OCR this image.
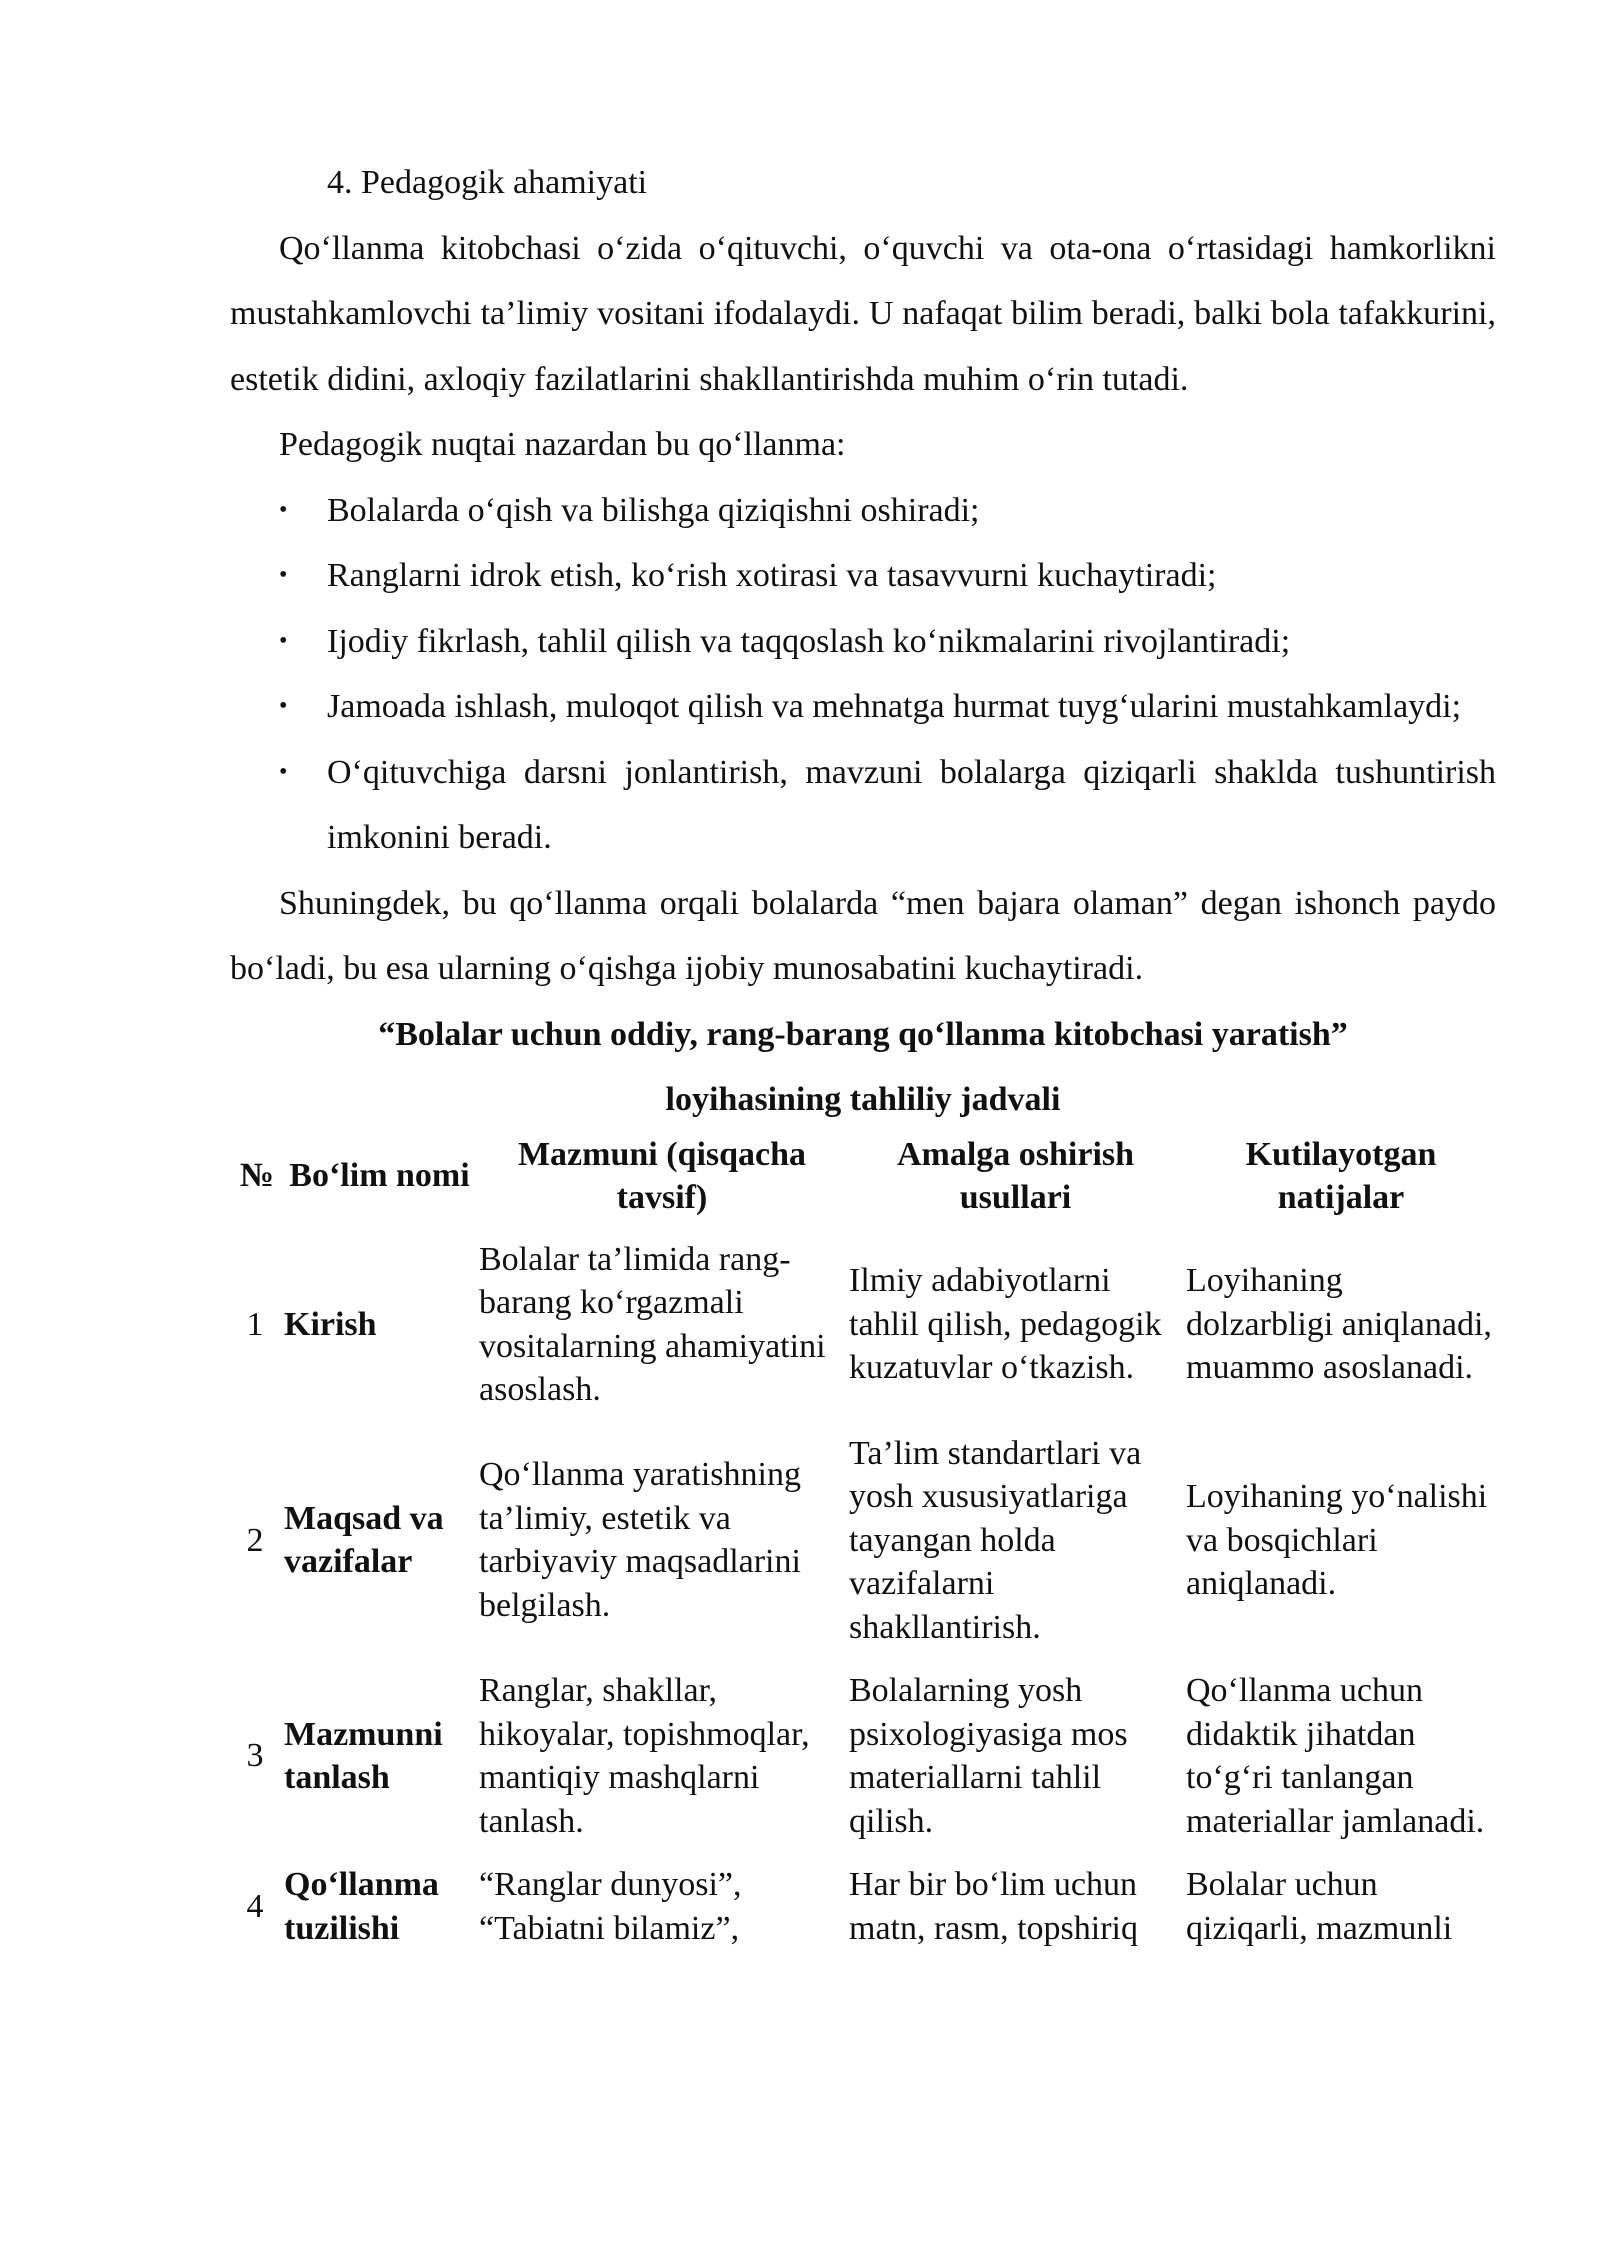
4. Pedagogik ahamiyati

Qo‘llanma kitobchasi o‘zida o‘qituvchi, o‘quvchi va ota-ona o‘rtasidagi hamkorlikni mustahkamlovchi ta’limiy vositani ifodalaydi. U nafaqat bilim beradi, balki bola tafakkurini, estetik didini, axloqiy fazilatlarini shakllantirishda muhim o‘rin tutadi.

Pedagogik nuqtai nazardan bu qo‘llanma:

•	Bolalarda o‘qish va bilishga qiziqishni oshiradi;
•	Ranglarni idrok etish, ko‘rish xotirasi va tasavvurni kuchaytiradi;
•	Ijodiy fikrlash, tahlil qilish va taqqoslash ko‘nikmalarini rivojlantiradi;
•	Jamoada ishlash, muloqot qilish va mehnatga hurmat tuyg‘ularini mustahkamlaydi;
•	O‘qituvchiga darsni jonlantirish, mavzuni bolalarga qiziqarli shaklda tushuntirish imkonini beradi.

Shuningdek, bu qo‘llanma orqali bolalarda “men bajara olaman” degan ishonch paydo bo‘ladi, bu esa ularning o‘qishga ijobiy munosabatini kuchaytiradi.

“Bolalar uchun oddiy, rang-barang qo‘llanma kitobchasi yaratish”

loyihasining tahliliy jadvali

№	Bo‘lim nomi	Mazmuni (qisqacha tavsif)	Amalga oshirish usullari	Kutilayotgan natijalar
1	Kirish	Bolalar ta’limida rang-barang ko‘rgazmali vositalarning ahamiyatini asoslash.	Ilmiy adabiyotlarni tahlil qilish, pedagogik kuzatuvlar o‘tkazish.	Loyihaning dolzarbligi aniqlanadi, muammo asoslanadi.
2	Maqsad va vazifalar	Qo‘llanma yaratishning ta’limiy, estetik va tarbiyaviy maqsadlarini belgilash.	Ta’lim standartlari va yosh xususiyatlariga tayangan holda vazifalarni shakllantirish.	Loyihaning yo‘nalishi va bosqichlari aniqlanadi.
3	Mazmunni tanlash	Ranglar, shakllar, hikoyalar, topishmoqlar, mantiqiy mashqlarni tanlash.	Bolalarning yosh psixologiyasiga mos materiallarni tahlil qilish.	Qo‘llanma uchun didaktik jihatdan to‘g‘ri tanlangan materiallar jamlanadi.
4	Qo‘llanma tuzilishi	“Ranglar dunyosi”, “Tabiatni bilamiz”,	Har bir bo‘lim uchun matn, rasm, topshiriq	Bolalar uchun qiziqarli, mazmunli
